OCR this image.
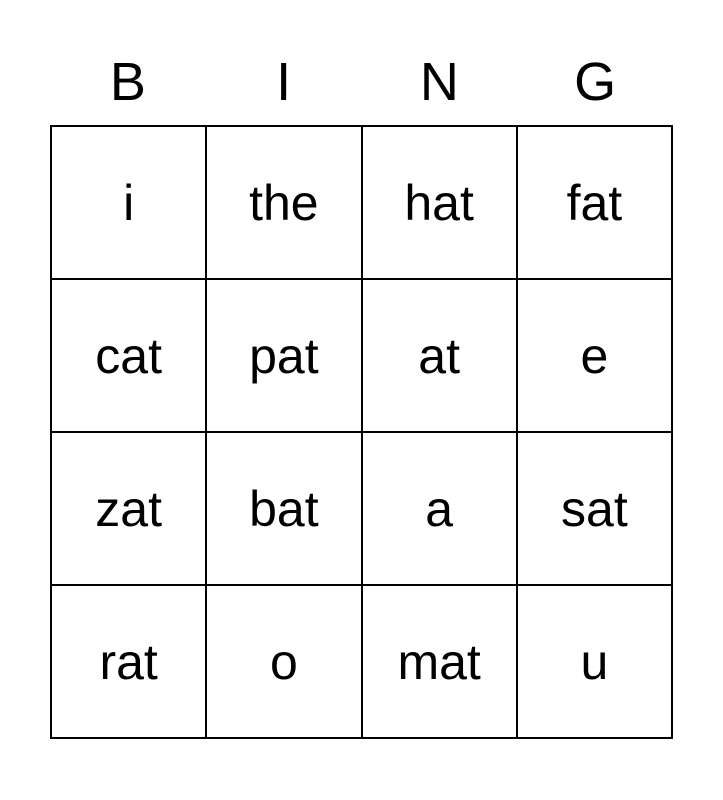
B	I	N	G
i	the	hat	fat
cat	pat	at	e
zat	bat	a	sat
rat	o	mat	u
